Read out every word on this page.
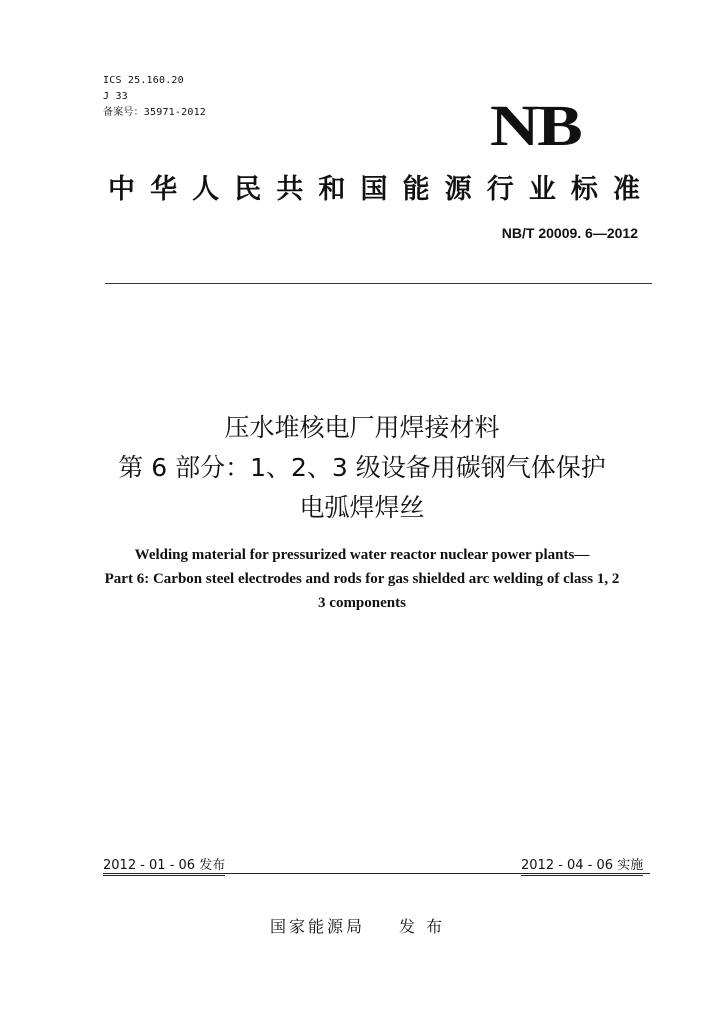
ICS 25.160.20
J 33
备案号：35971-2012	NB
中华人民共和国能源行业标准
NB/T 20009. 6—2012
压水堆核电厂用焊接材料
第 6 部分：1、2、3 级设备用碳钢气体保护
电弧焊焊丝
Welding material for pressurized water reactor nuclear power plants—
Part 6: Carbon steel electrodes and rods for gas shielded arc welding of class 1, 2
3 components
2012 - 01 - 06 发布	2012 - 04 - 06 实施
国家能源局 发 布
